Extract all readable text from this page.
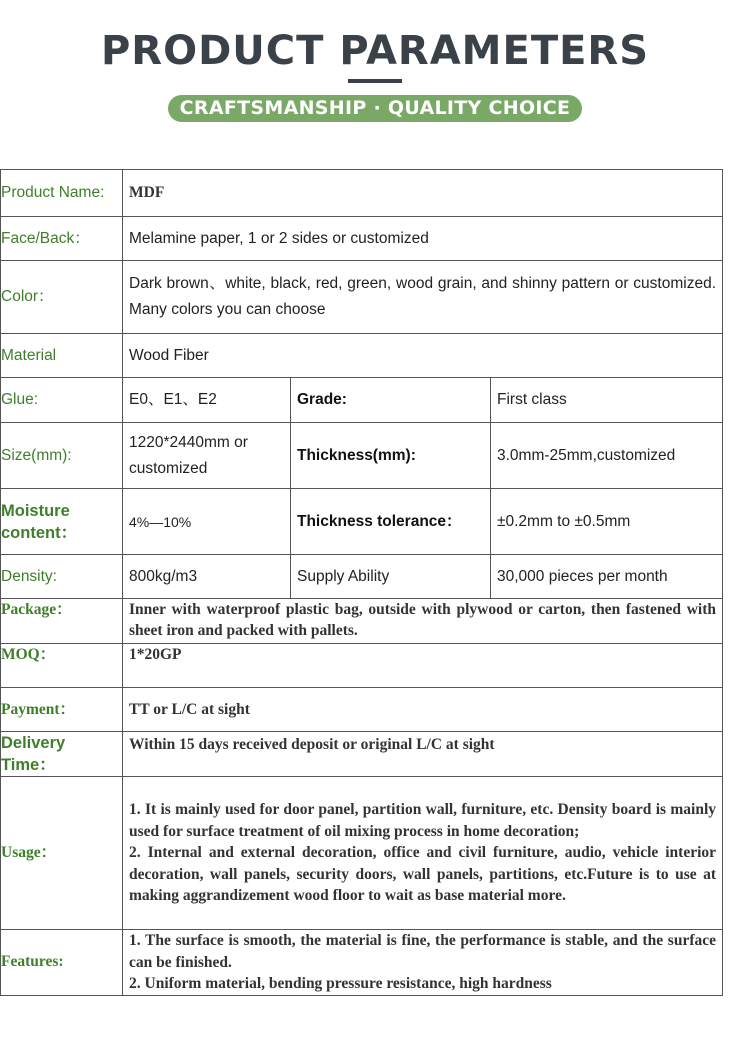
PRODUCT PARAMETERS
CRAFTSMANSHIP · QUALITY CHOICE
Product Name:	MDF		
Face/Back：	Melamine paper, 1 or 2 sides or customized		
Color：	Dark brown、white, black, red, green, wood grain, and shinny pattern or customized. Many colors you can choose		
Material	Wood Fiber		
Glue:	E0、E1、E2	Grade:	First class
Size(mm):	1220*2440mm or customized	Thickness(mm):	3.0mm-25mm,customized
Moisture content：	4%—10%	Thickness tolerance：	±0.2mm to ±0.5mm
Density:	800kg/m3	Supply Ability	30,000 pieces per month
Package：	Inner with waterproof plastic bag, outside with plywood or carton, then fastened with sheet iron and packed with pallets.		
MOQ：	1*20GP		
Payment：	TT or L/C at sight		
Delivery Time：	Within 15 days received deposit or original L/C at sight		
Usage：	1. It is mainly used for door panel, partition wall, furniture, etc. Density board is mainly used for surface treatment of oil mixing process in home decoration;
2. Internal and external decoration, office and civil furniture, audio, vehicle interior decoration, wall panels, security doors, wall panels, partitions, etc.Future is to use at making aggrandizement wood floor to wait as base material more.		

Features:	1. The surface is smooth, the material is fine, the performance is stable, and the surface can be finished.
2. Uniform material, bending pressure resistance, high hardness		
